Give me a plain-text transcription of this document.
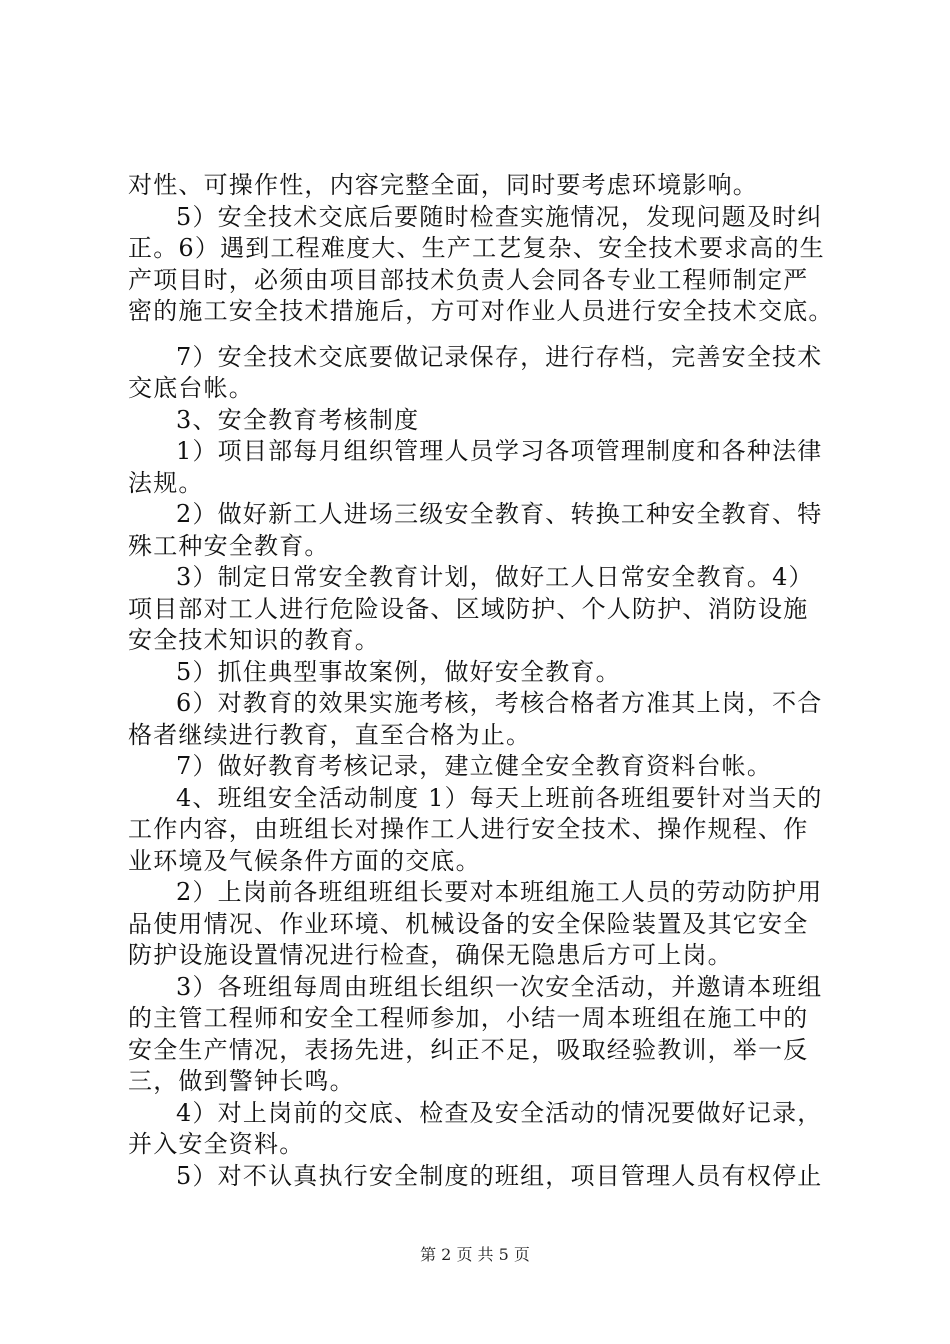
对性、可操作性，内容完整全面，同时要考虑环境影响。
5）安全技术交底后要随时检查实施情况，发现问题及时纠
正。6）遇到工程难度大、生产工艺复杂、安全技术要求高的生
产项目时，必须由项目部技术负责人会同各专业工程师制定严
密的施工安全技术措施后，方可对作业人员进行安全技术交底。
7）安全技术交底要做记录保存，进行存档，完善安全技术
交底台帐。
3、安全教育考核制度
1）项目部每月组织管理人员学习各项管理制度和各种法律
法规。
2）做好新工人进场三级安全教育、转换工种安全教育、特
殊工种安全教育。
3）制定日常安全教育计划，做好工人日常安全教育。4）
项目部对工人进行危险设备、区域防护、个人防护、消防设施
安全技术知识的教育。
5）抓住典型事故案例，做好安全教育。
6）对教育的效果实施考核，考核合格者方准其上岗，不合
格者继续进行教育，直至合格为止。
7）做好教育考核记录，建立健全安全教育资料台帐。
4、班组安全活动制度 1）每天上班前各班组要针对当天的
工作内容，由班组长对操作工人进行安全技术、操作规程、作
业环境及气候条件方面的交底。
2）上岗前各班组班组长要对本班组施工人员的劳动防护用
品使用情况、作业环境、机械设备的安全保险装置及其它安全
防护设施设置情况进行检查，确保无隐患后方可上岗。
3）各班组每周由班组长组织一次安全活动，并邀请本班组
的主管工程师和安全工程师参加，小结一周本班组在施工中的
安全生产情况，表扬先进，纠正不足，吸取经验教训，举一反
三，做到警钟长鸣。
4）对上岗前的交底、检查及安全活动的情况要做好记录，
并入安全资料。
5）对不认真执行安全制度的班组，项目管理人员有权停止
第 2 页 共 5 页
